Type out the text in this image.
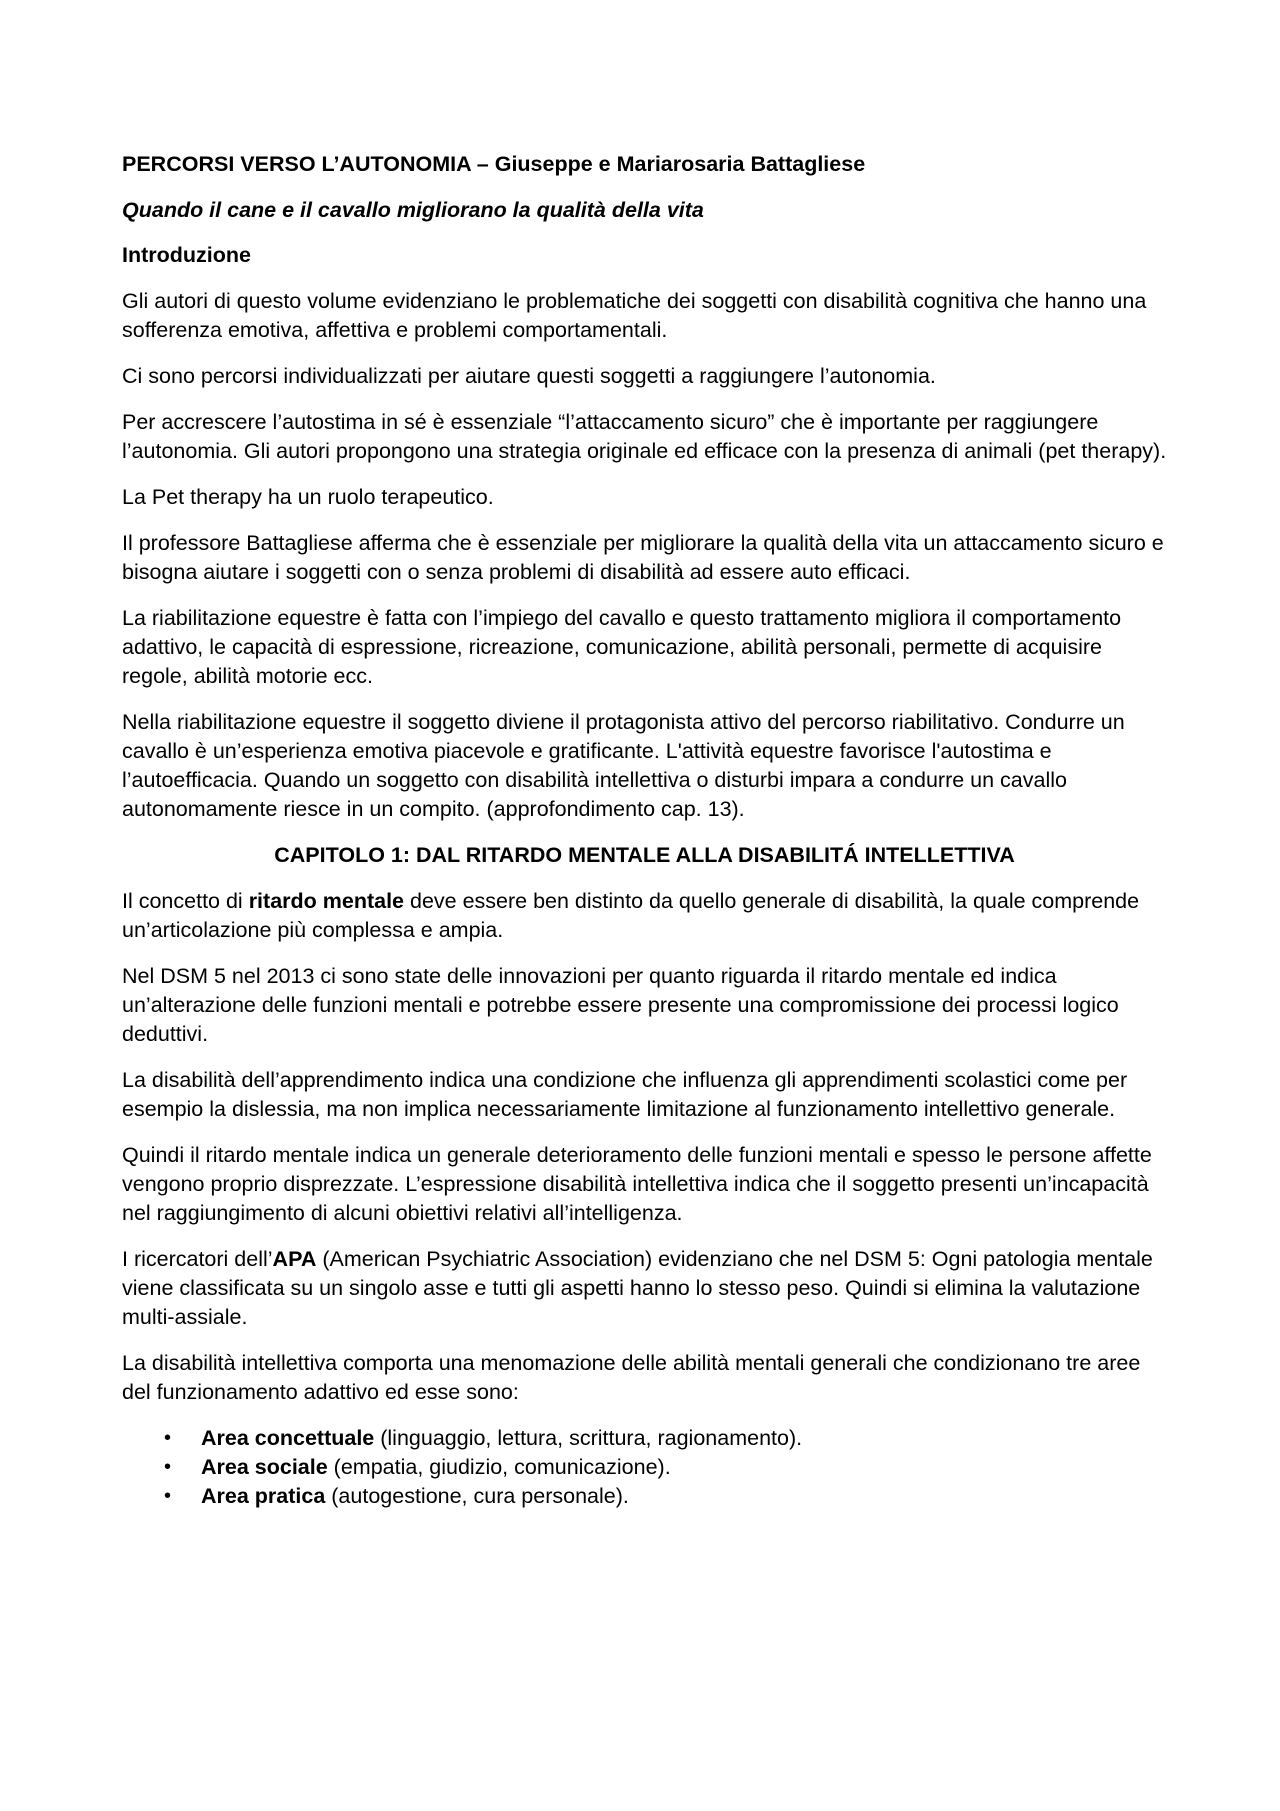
PERCORSI VERSO L’AUTONOMIA – Giuseppe e Mariarosaria Battagliese

Quando il cane e il cavallo migliorano la qualità della vita

Introduzione

Gli autori di questo volume evidenziano le problematiche dei soggetti con disabilità cognitiva che hanno una sofferenza emotiva, affettiva e problemi comportamentali.

Ci sono percorsi individualizzati per aiutare questi soggetti a raggiungere l’autonomia.

Per accrescere l’autostima in sé è essenziale “l’attaccamento sicuro” che è importante per raggiungere l’autonomia. Gli autori propongono una strategia originale ed efficace con la presenza di animali (pet therapy).

La Pet therapy ha un ruolo terapeutico.

Il professore Battagliese afferma che è essenziale per migliorare la qualità della vita un attaccamento sicuro e bisogna aiutare i soggetti con o senza problemi di disabilità ad essere auto efficaci.

La riabilitazione equestre è fatta con l’impiego del cavallo e questo trattamento migliora il comportamento adattivo, le capacità di espressione, ricreazione, comunicazione, abilità personali, permette di acquisire regole, abilità motorie ecc.

Nella riabilitazione equestre il soggetto diviene il protagonista attivo del percorso riabilitativo. Condurre un cavallo è un’esperienza emotiva piacevole e gratificante. L'attività equestre favorisce l'autostima e l’autoefficacia. Quando un soggetto con disabilità intellettiva o disturbi impara a condurre un cavallo autonomamente riesce in un compito. (approfondimento cap. 13).

CAPITOLO 1: DAL RITARDO MENTALE ALLA DISABILITÁ INTELLETTIVA

Il concetto di ritardo mentale deve essere ben distinto da quello generale di disabilità, la quale comprende un’articolazione più complessa e ampia.

Nel DSM 5 nel 2013 ci sono state delle innovazioni per quanto riguarda il ritardo mentale ed indica un’alterazione delle funzioni mentali e potrebbe essere presente una compromissione dei processi logico deduttivi.

La disabilità dell’apprendimento indica una condizione che influenza gli apprendimenti scolastici come per esempio la dislessia, ma non implica necessariamente limitazione al funzionamento intellettivo generale.

Quindi il ritardo mentale indica un generale deterioramento delle funzioni mentali e spesso le persone affette vengono proprio disprezzate. L’espressione disabilità intellettiva indica che il soggetto presenti un’incapacità nel raggiungimento di alcuni obiettivi relativi all’intelligenza.

I ricercatori dell’APA (American Psychiatric Association) evidenziano che nel DSM 5: Ogni patologia mentale viene classificata su un singolo asse e tutti gli aspetti hanno lo stesso peso. Quindi si elimina la valutazione multi-assiale.

La disabilità intellettiva comporta una menomazione delle abilità mentali generali che condizionano tre aree del funzionamento adattivo ed esse sono:

• Area concettuale (linguaggio, lettura, scrittura, ragionamento).
• Area sociale (empatia, giudizio, comunicazione).
• Area pratica (autogestione, cura personale).
